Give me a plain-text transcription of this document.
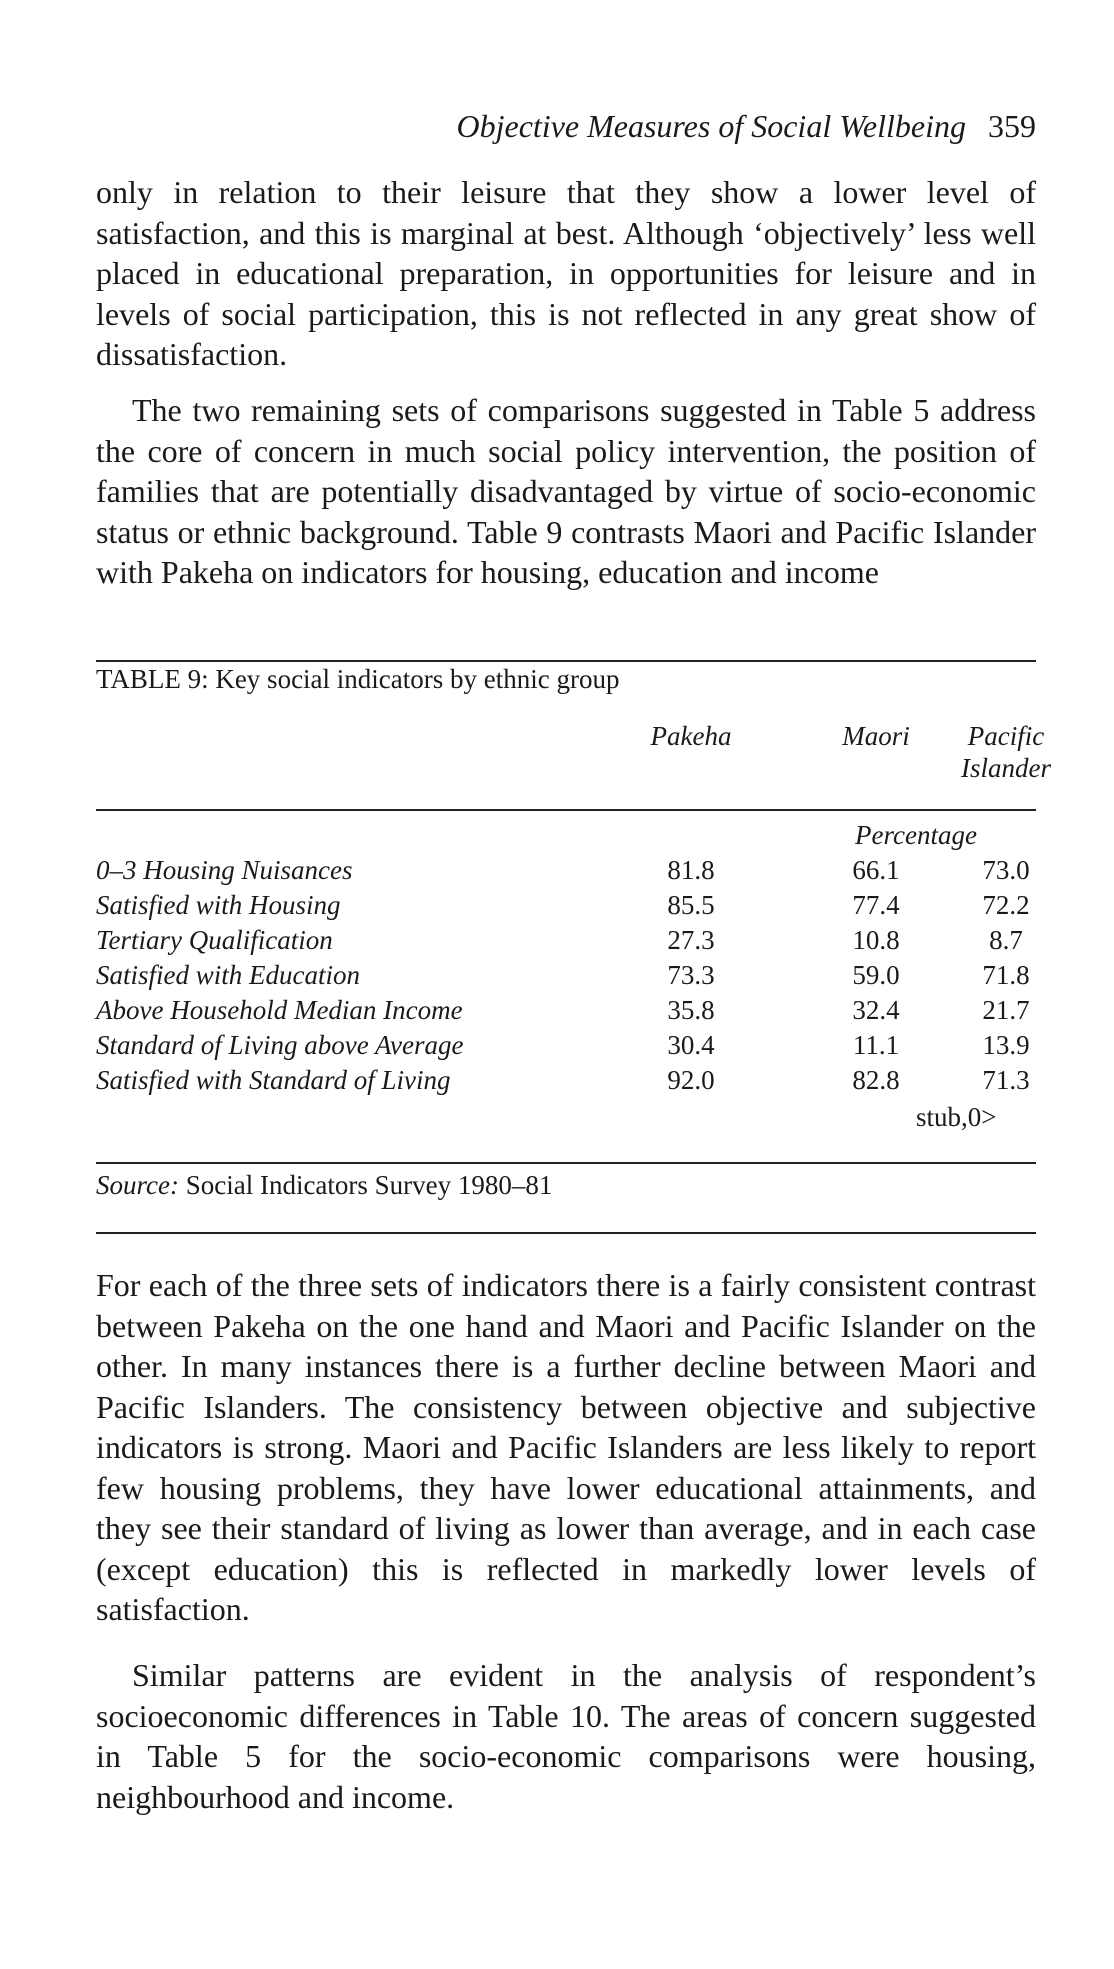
Objective Measures of Social Wellbeing 359

only in relation to their leisure that they show a lower level of satisfaction, and this is marginal at best. Although ‘objectively’ less well placed in educational preparation, in opportunities for leisure and in levels of social participation, this is not reflected in any great show of dissatisfaction.

The two remaining sets of comparisons suggested in Table 5 address the core of concern in much social policy intervention, the position of families that are potentially disadvantaged by virtue of socio-economic status or ethnic background. Table 9 contrasts Maori and Pacific Islander with Pakeha on indicators for housing, education and income

TABLE 9: Key social indicators by ethnic group
Pakeha	Maori	Pacific
Islander
Percentage
0–3 Housing Nuisances	81.8	66.1	73.0
Satisfied with Housing	85.5	77.4	72.2
Tertiary Qualification	27.3	10.8	8.7
Satisfied with Education	73.3	59.0	71.8
Above Household Median Income	35.8	32.4	21.7
Standard of Living above Average	30.4	11.1	13.9
Satisfied with Standard of Living	92.0	82.8	71.3
stub,0>
Source: Social Indicators Survey 1980–81

For each of the three sets of indicators there is a fairly consistent contrast between Pakeha on the one hand and Maori and Pacific Islander on the other. In many instances there is a further decline between Maori and Pacific Islanders. The consistency between objective and subjective indicators is strong. Maori and Pacific Islanders are less likely to report few housing problems, they have lower educational attainments, and they see their standard of living as lower than average, and in each case (except education) this is reflected in markedly lower levels of satisfaction.

Similar patterns are evident in the analysis of respondent’s socioeconomic differences in Table 10. The areas of concern suggested in Table 5 for the socio-economic comparisons were housing, neighbourhood and income.
